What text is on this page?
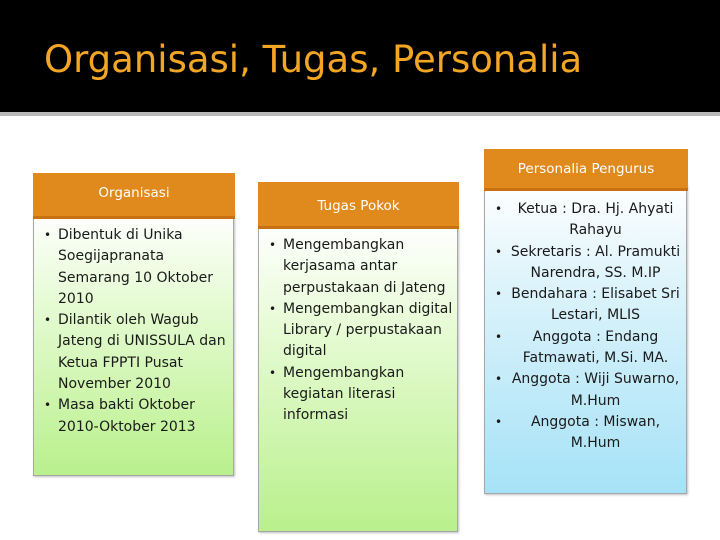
Organisasi, Tugas, Personalia
• Dibentuk di Unika Soegijapranata Semarang 10 Oktober 2010
• Dilantik oleh Wagub Jateng di UNISSULA dan Ketua FPPTI Pusat November 2010
• Masa bakti Oktober 2010-Oktober 2013
Organisasi
• Mengembangkan kerjasama antar perpustakaan di Jateng
• Mengembangkan digital Library / perpustakaan digital
• Mengembangkan kegiatan literasi informasi
Tugas Pokok	• Ketua : Dra. Hj. Ahyati Rahayu
• Sekretaris : Al. Pramukti Narendra, SS. M.IP
• Bendahara : Elisabet Sri Lestari, MLIS
• Anggota : Endang Fatmawati, M.Si. MA.
• Anggota : Wiji Suwarno, M.Hum
• Anggota : Miswan, M.Hum
Personalia Pengurus
